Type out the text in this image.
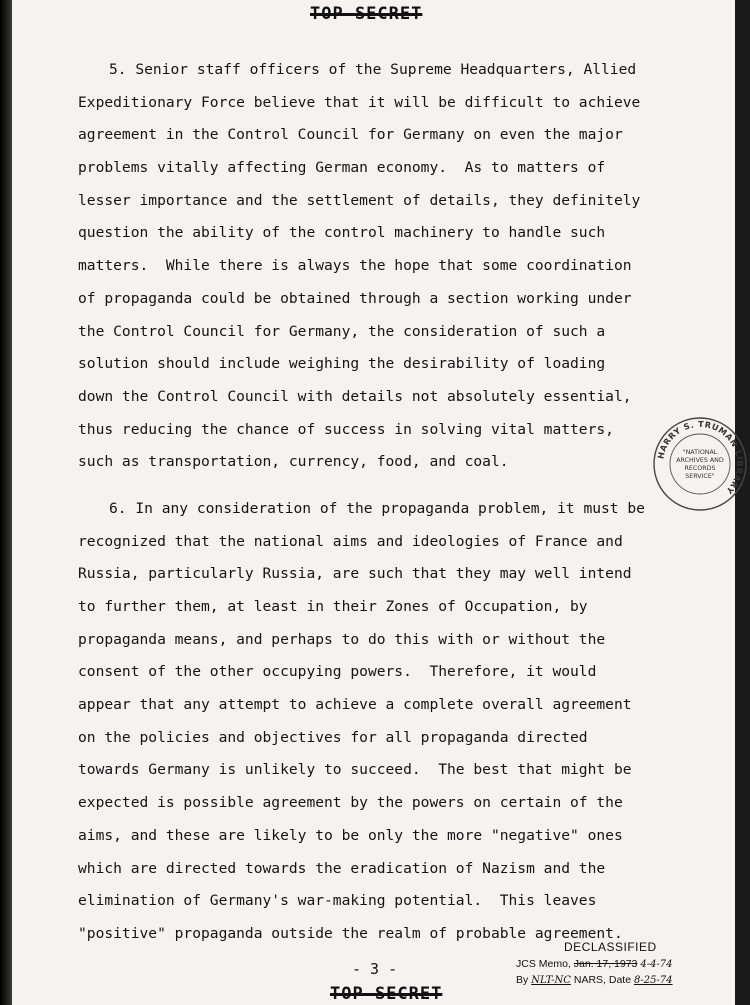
TOP SECRET
5. Senior staff officers of the Supreme Headquarters, Allied
Expeditionary Force believe that it will be difficult to achieve
agreement in the Control Council for Germany on even the major
problems vitally affecting German economy.  As to matters of
lesser importance and the settlement of details, they definitely
question the ability of the control machinery to handle such
matters.  While there is always the hope that some coordination
of propaganda could be obtained through a section working under
the Control Council for Germany, the consideration of such a
solution should include weighing the desirability of loading
down the Control Council with details not absolutely essential,
thus reducing the chance of success in solving vital matters,
such as transportation, currency, food, and coal.
6. In any consideration of the propaganda problem, it must be
recognized that the national aims and ideologies of France and
Russia, particularly Russia, are such that they may well intend
to further them, at least in their Zones of Occupation, by
propaganda means, and perhaps to do this with or without the
consent of the other occupying powers.  Therefore, it would
appear that any attempt to achieve a complete overall agreement
on the policies and objectives for all propaganda directed
towards Germany is unlikely to succeed.  The best that might be
expected is possible agreement by the powers on certain of the
aims, and these are likely to be only the more "negative" ones
which are directed towards the eradication of Nazism and the
elimination of Germany's war-making potential.  This leaves
"positive" propaganda outside the realm of probable agreement.
HARRY S. TRUMAN LIBRARY
"NATIONAL
ARCHIVES AND
RECORDS
SERVICE"
- 3 -
DECLASSIFIED
JCS Memo, Jan. 17, 1973 4-4-74
By NLT-NC NARS, Date 8-25-74
TOP SECRET
